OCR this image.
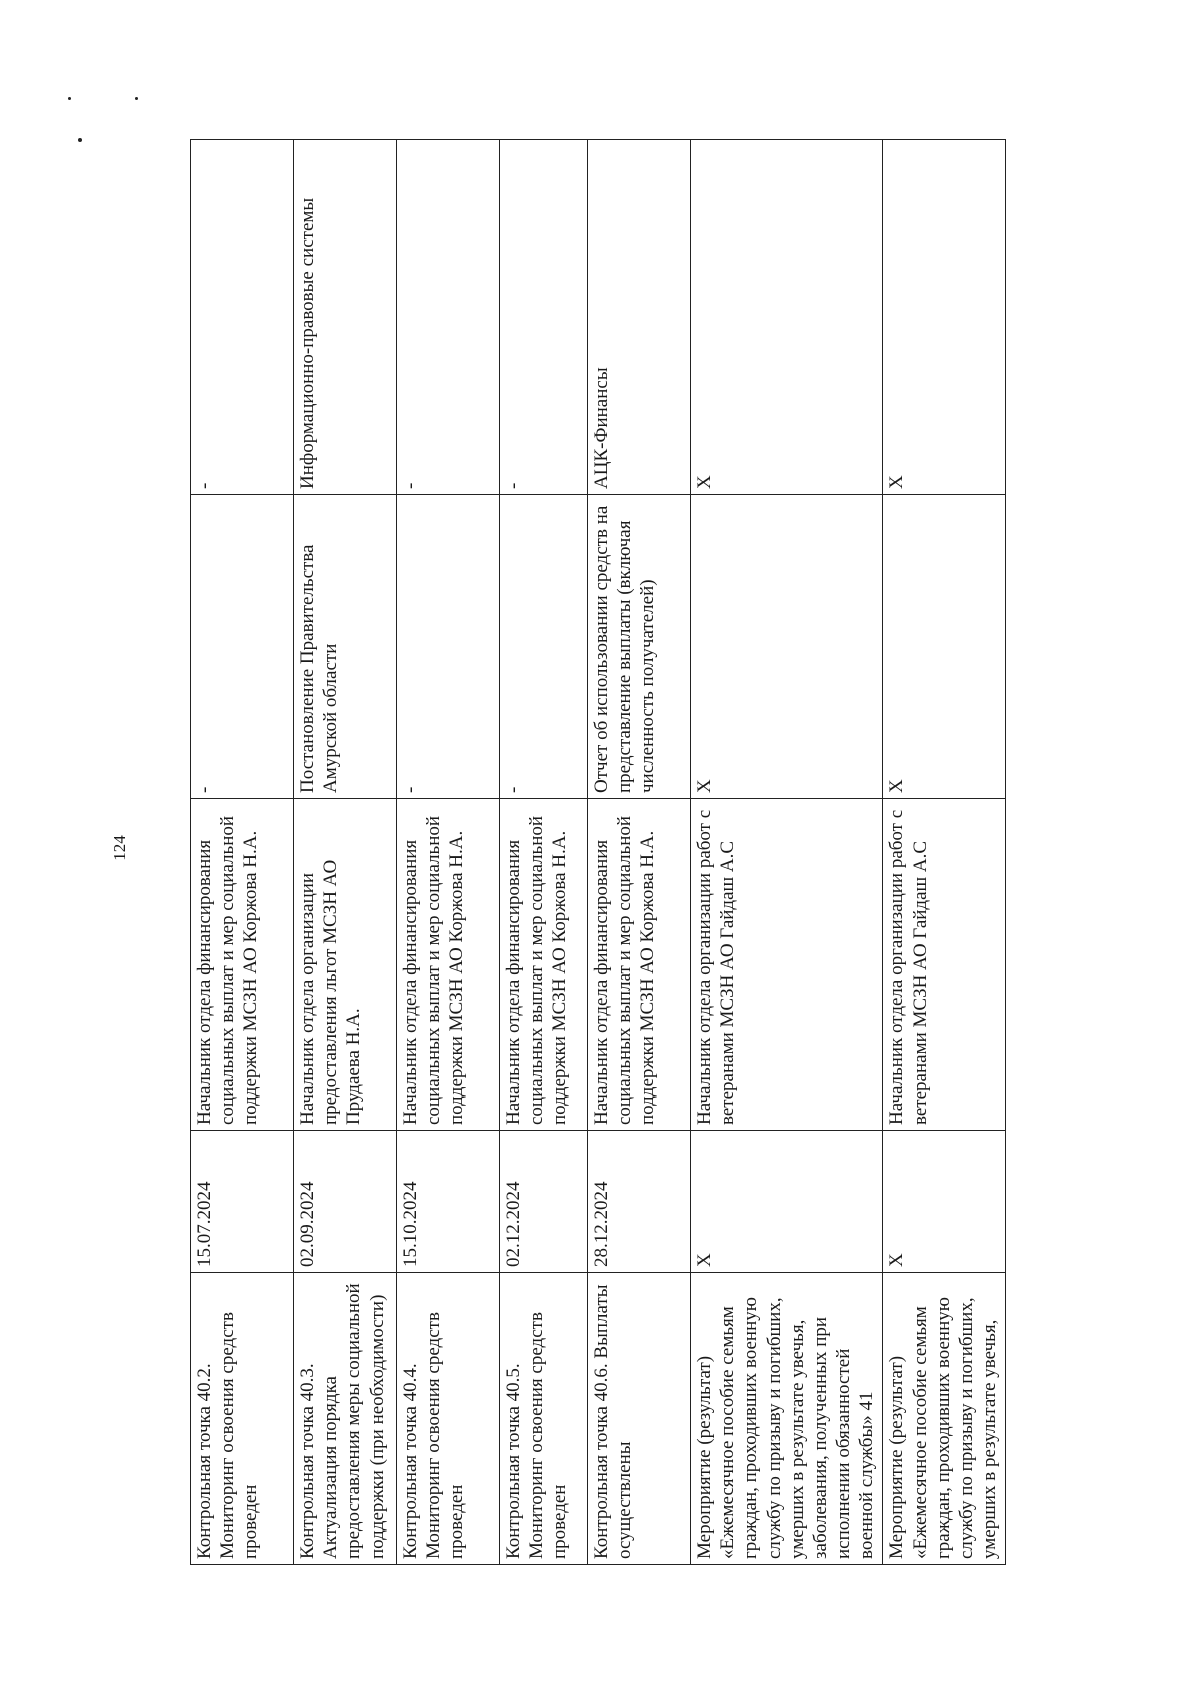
124
Контрольная точка 40.2. Мониторинг освоения средств проведен	15.07.2024	Начальник отдела финансирования социальных выплат и мер социальной поддержки МСЗН АО Коржова Н.А.	-	-
Контрольная точка 40.3. Актуализация порядка предоставления меры социальной поддержки (при необходимости)	02.09.2024	Начальник отдела организации предоставления льгот МСЗН АО Прудаева Н.А.	Постановление Правительства Амурской области	Информационно-правовые системы
Контрольная точка 40.4. Мониторинг освоения средств проведен	15.10.2024	Начальник отдела финансирования социальных выплат и мер социальной поддержки МСЗН АО Коржова Н.А.	-	-
Контрольная точка 40.5. Мониторинг освоения средств проведен	02.12.2024	Начальник отдела финансирования социальных выплат и мер социальной поддержки МСЗН АО Коржова Н.А.	-	-
Контрольная точка 40.6. Выплаты осуществлены	28.12.2024	Начальник отдела финансирования социальных выплат и мер социальной поддержки МСЗН АО Коржова Н.А.	Отчет об использовании средств на представление выплаты (включая численность получателей)	АЦК-Финансы
Мероприятие (результат) «Ежемесячное пособие семьям граждан, проходивших военную службу по призыву и погибших, умерших в результате увечья, заболевания, полученных при исполнении обязанностей военной службы» 41	X	Начальник отдела организации работ с ветеранами МСЗН АО Гайдаш А.С	X	X
Мероприятие (результат) «Ежемесячное пособие семьям граждан, проходивших военную службу по призыву и погибших, умерших в результате увечья,	X	Начальник отдела организации работ с ветеранами МСЗН АО Гайдаш А.С	X	X
